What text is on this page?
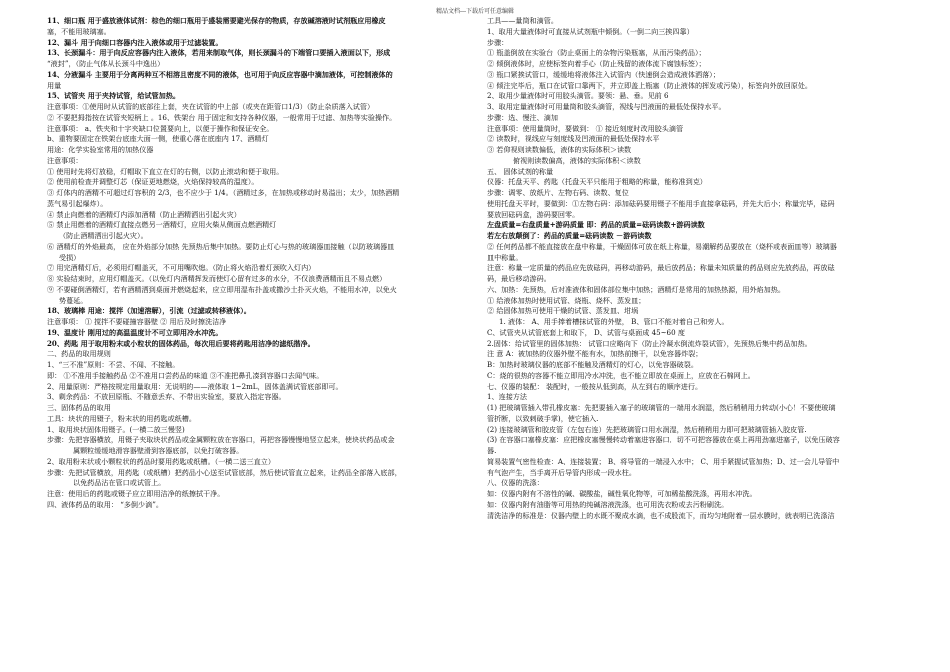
精品文档---下载后可任意编辑
11、细口瓶 用于盛放液体试剂：棕色的细口瓶用于盛装需要避光保存的物质，存放碱溶液时试剂瓶应用橡皮
塞，不能用玻璃塞。
12、漏斗 用于向细口容器内注入液体或用于过滤装置。
13、长颈漏斗：用于向反应容器内注入液体，若用来制取气体，则长颈漏斗的下端管口要插入液面以下，形成
“液封”，（防止气体从长颈斗中逸出）
14、分液漏斗 主要用于分离两种互不相溶且密度不同的液体，也可用于向反应容器中滴加液体，可控制液体的
用量
15、试管夹 用于夹持试管，给试管加热。
注意事项：①使用时从试管的底部往上套，夹在试管的中上部（或夹在距管口1/3）（防止杂质落入试管）
② 不要把拇指按在试管夹短柄上 。16、铁架台 用于固定和支持各种仪器，一般常用于过滤、加热等实验操作。
注意事项： a、铁夹和十字夹缺口位置要向上，以便于操作和保证安全。
b、重物要固定在铁架台底座大面一侧，使重心落在底座内 17、酒精灯
用途：化学实验室常用的加热仪器
注意事项：
① 使用时先将灯放稳，灯帽取下直立在灯的右侧，以防止滚动和便于取用。
② 使用前检查并调整灯芯（保证更地燃烧，火焰保持较高的温度）。
③ 灯体内的酒精不可超过灯容积的 2/3，也不应少于 1/4。（酒精过多，在加热或移动时易溢出；太少，加热酒精
蒸气易引起爆炸）。
④ 禁止向燃着的酒精灯内添加酒精（防止酒精洒出引起火灾）
⑤ 禁止用燃着的酒精灯直接点燃另一酒精灯，应用火柴从侧面点燃酒精灯
（防止酒精洒出引起火灾）。
⑥ 酒精灯的外焰最高， 应在外焰部分加热 先预热后集中加热。要防止灯心与热的玻璃器皿接触（以防玻璃器皿
受损）
⑦ 用完酒精灯后，必须用灯帽盖灭，不可用嘴吹熄。（防止将火焰沿着灯颈吹入灯内）
⑧ 实验结束时，应用灯帽盖灭。（以免灯内酒精挥发而使灯心留有过多的水分，不仅浪费酒精而且不易点燃）
⑨ 不要碰倒酒精灯，若有酒精洒到桌面并燃烧起来，应立即用湿布扑盖或撒沙土扑灭火焰，不能用水冲，以免火
势蔓延。
18、玻璃棒 用途：搅拌（加速溶解），引流（过滤或转移液体）。
注意事项： ① 搅拌不要碰撞容器壁 ② 用后及时擦洗洁净
19、温度计 刚用过的高温温度计不可立即用冷水冲洗。
20、药匙 用于取用粉末或小粒状的固体药品，每次用后要将药匙用洁净的滤纸揩净。
二、药品的取用规则
1、“三不准”原则：不尝、不闻、不接触。
即： ①不准用手接触药品 ②不准用口尝药品的味道 ③不准把鼻孔凑到容器口去闻气味。
2、用量原则：严格按规定用量取用：无说明的——液体取 1~2mL，固体盖满试管底部即可。
3、剩余药品：不放回原瓶、不随意丢弃、不带出实验室，要放入指定容器。
三、固体药品的取用
工具：块状的用镊子，粉末状的用药匙或纸槽。
1、取用块状固体用镊子。(一横二放三慢竖)
步骤：先把容器横放，用镊子夹取块状药品或金属颗粒放在容器口，再把容器慢慢地竖立起来，使块状药品或金
属颗粒缓缓地滑容器壁滑到容器底部，以免打破容器。
2、取用粉末状或小颗粒状的药品时要用药匙或纸槽。（一横二送三直立）
步骤：先把试管横放，用药匙（或纸槽）把药品小心送至试管底部，然后使试管直立起来，让药品全部落入底部，
以免药品沾在管口或试管上。
注意：使用后的药匙或镊子应立即用洁净的纸擦拭干净。
四、液体药品的取用： “多倒少滴”。
工具——量筒和滴管。
1、取用大量液体时可直接从试剂瓶中倾倒。（一倒二向三挨四靠）
步骤：
① 瓶盖倒放在实验台（防止桌面上的杂物污染瓶塞，从而污染药品）；
② 倾倒液体时，应使标签向着手心（防止残留的液体流下腐蚀标签）；
③ 瓶口紧挨试管口，缓缓地将液体注入试管内（快速倒会造成液体洒落）；
④ 倾注完毕后，瓶口在试管口靠两下，并立即盖上瓶塞（防止液体的挥发或污染），标签向外放回原处。
2、取用少量液体时可用胶头滴管。要领：悬、垂。见前 6
3、取用定量液体时可用量筒和胶头滴管，视线与凹液面的最低处保持水平。
步骤：选、慢注、滴加
注意事项：使用量筒时，要做到： ① 接近刻度时改用胶头滴管
② 读数时，视线应与刻度线及凹液面的最低处保持水平
③ 若仰视则读数偏低，液体的实际体积＞读数
俯视则读数偏高，液体的实际体积＜读数
五、 固体试剂的称量
仪器：托盘天平、药匙（托盘天平只能用于粗略的称量，能称准到克）
步骤：调零、放纸片、左物右码、读数、复位
使用托盘天平时，要做到：①左物右码：添加砝码要用镊子不能用手直接拿砝码，并先大后小；称量完毕，砝码
要放回砝码盒，游码要回零。
左盘质量=右盘质量+游码质量 即：药品的质量=砝码读数+游码读数
若左右放颠倒了：药品的质量=砝码读数 －游码读数
② 任何药品都不能直接放在盘中称量，干燥固体可放在纸上称量，易潮解药品要放在（烧杯或表面皿等）玻璃器
皿中称量。
注意：称量一定质量的药品应先放砝码，再移动游码，最后放药品；称量未知质量的药品则应先放药品，再放砝
码，最后移动游码。
六、加热：先预热，后对准液体和固体部位集中加热；酒精灯是常用的加热热源，用外焰加热。
① 给液体加热时使用试管、烧瓶、烧杯、蒸发皿；
② 给固体加热可使用干燥的试管、蒸发皿、坩埚
1. 液体： A、用手捧着槽抹试管的外壁， B、管口不能对着自己和旁人。
C、试管夹从试管底套上和取下， D、试管与桌面成 45~60 度
2.固体：给试管里的固体加热： 试管口应略向下（防止冷凝水倒流炸裂试管），先预热后集中药品加热。
注 意 A：被加热的仪器外壁不能有水，加热前擦干，以免容器炸裂；
B：加热时玻璃仪器的底部不能触及酒精灯的灯心，以免容器破裂。
C：烧的很热的容器不能立即用冷水冲洗，也不能立即放在桌面上，应放在石棉网上。
七、仪器的装配： 装配时，一般按从低到高，从左到右的顺序进行。
1、连接方法
(1) 把玻璃管插入带孔橡皮塞：先把要插入塞子的玻璃管的一端用水润湿，然后稍稍用力转动(小心！不要使玻璃
管折断，以致刺破手掌)，使它插入.
(2) 连接玻璃管和胶皮管（左包右连）先把玻璃管口用水润湿，然后稍稍用力即可把玻璃管插入胶皮管.
(3) 在容器口塞橡皮塞：应把橡皮塞慢慢转动着塞进容器口．切不可把容器放在桌上再用劲塞进塞子，以免压破容
器.
简易装置气密性检查：A、连接装置； B、将导管的一端浸入水中； C、用手紧握试管加热；D、过一会儿导管中
有气泡产生，当手离开后导管内形成一段水柱。
八、仪器的洗涤：
如：仪器内附有不溶性的碱、碳酸盐，碱性氧化物等，可加稀盐酸洗涤，再用水冲洗。
如：仪器内附有油脂等可用热的纯碱溶液洗涤，也可用洗衣粉或去污粉刷洗。
清洗洁净的标准是：仪器内壁上的水既不聚成水滴，也不成股流下，而均匀地附着一层水膜时，就表明已洗涤洁
